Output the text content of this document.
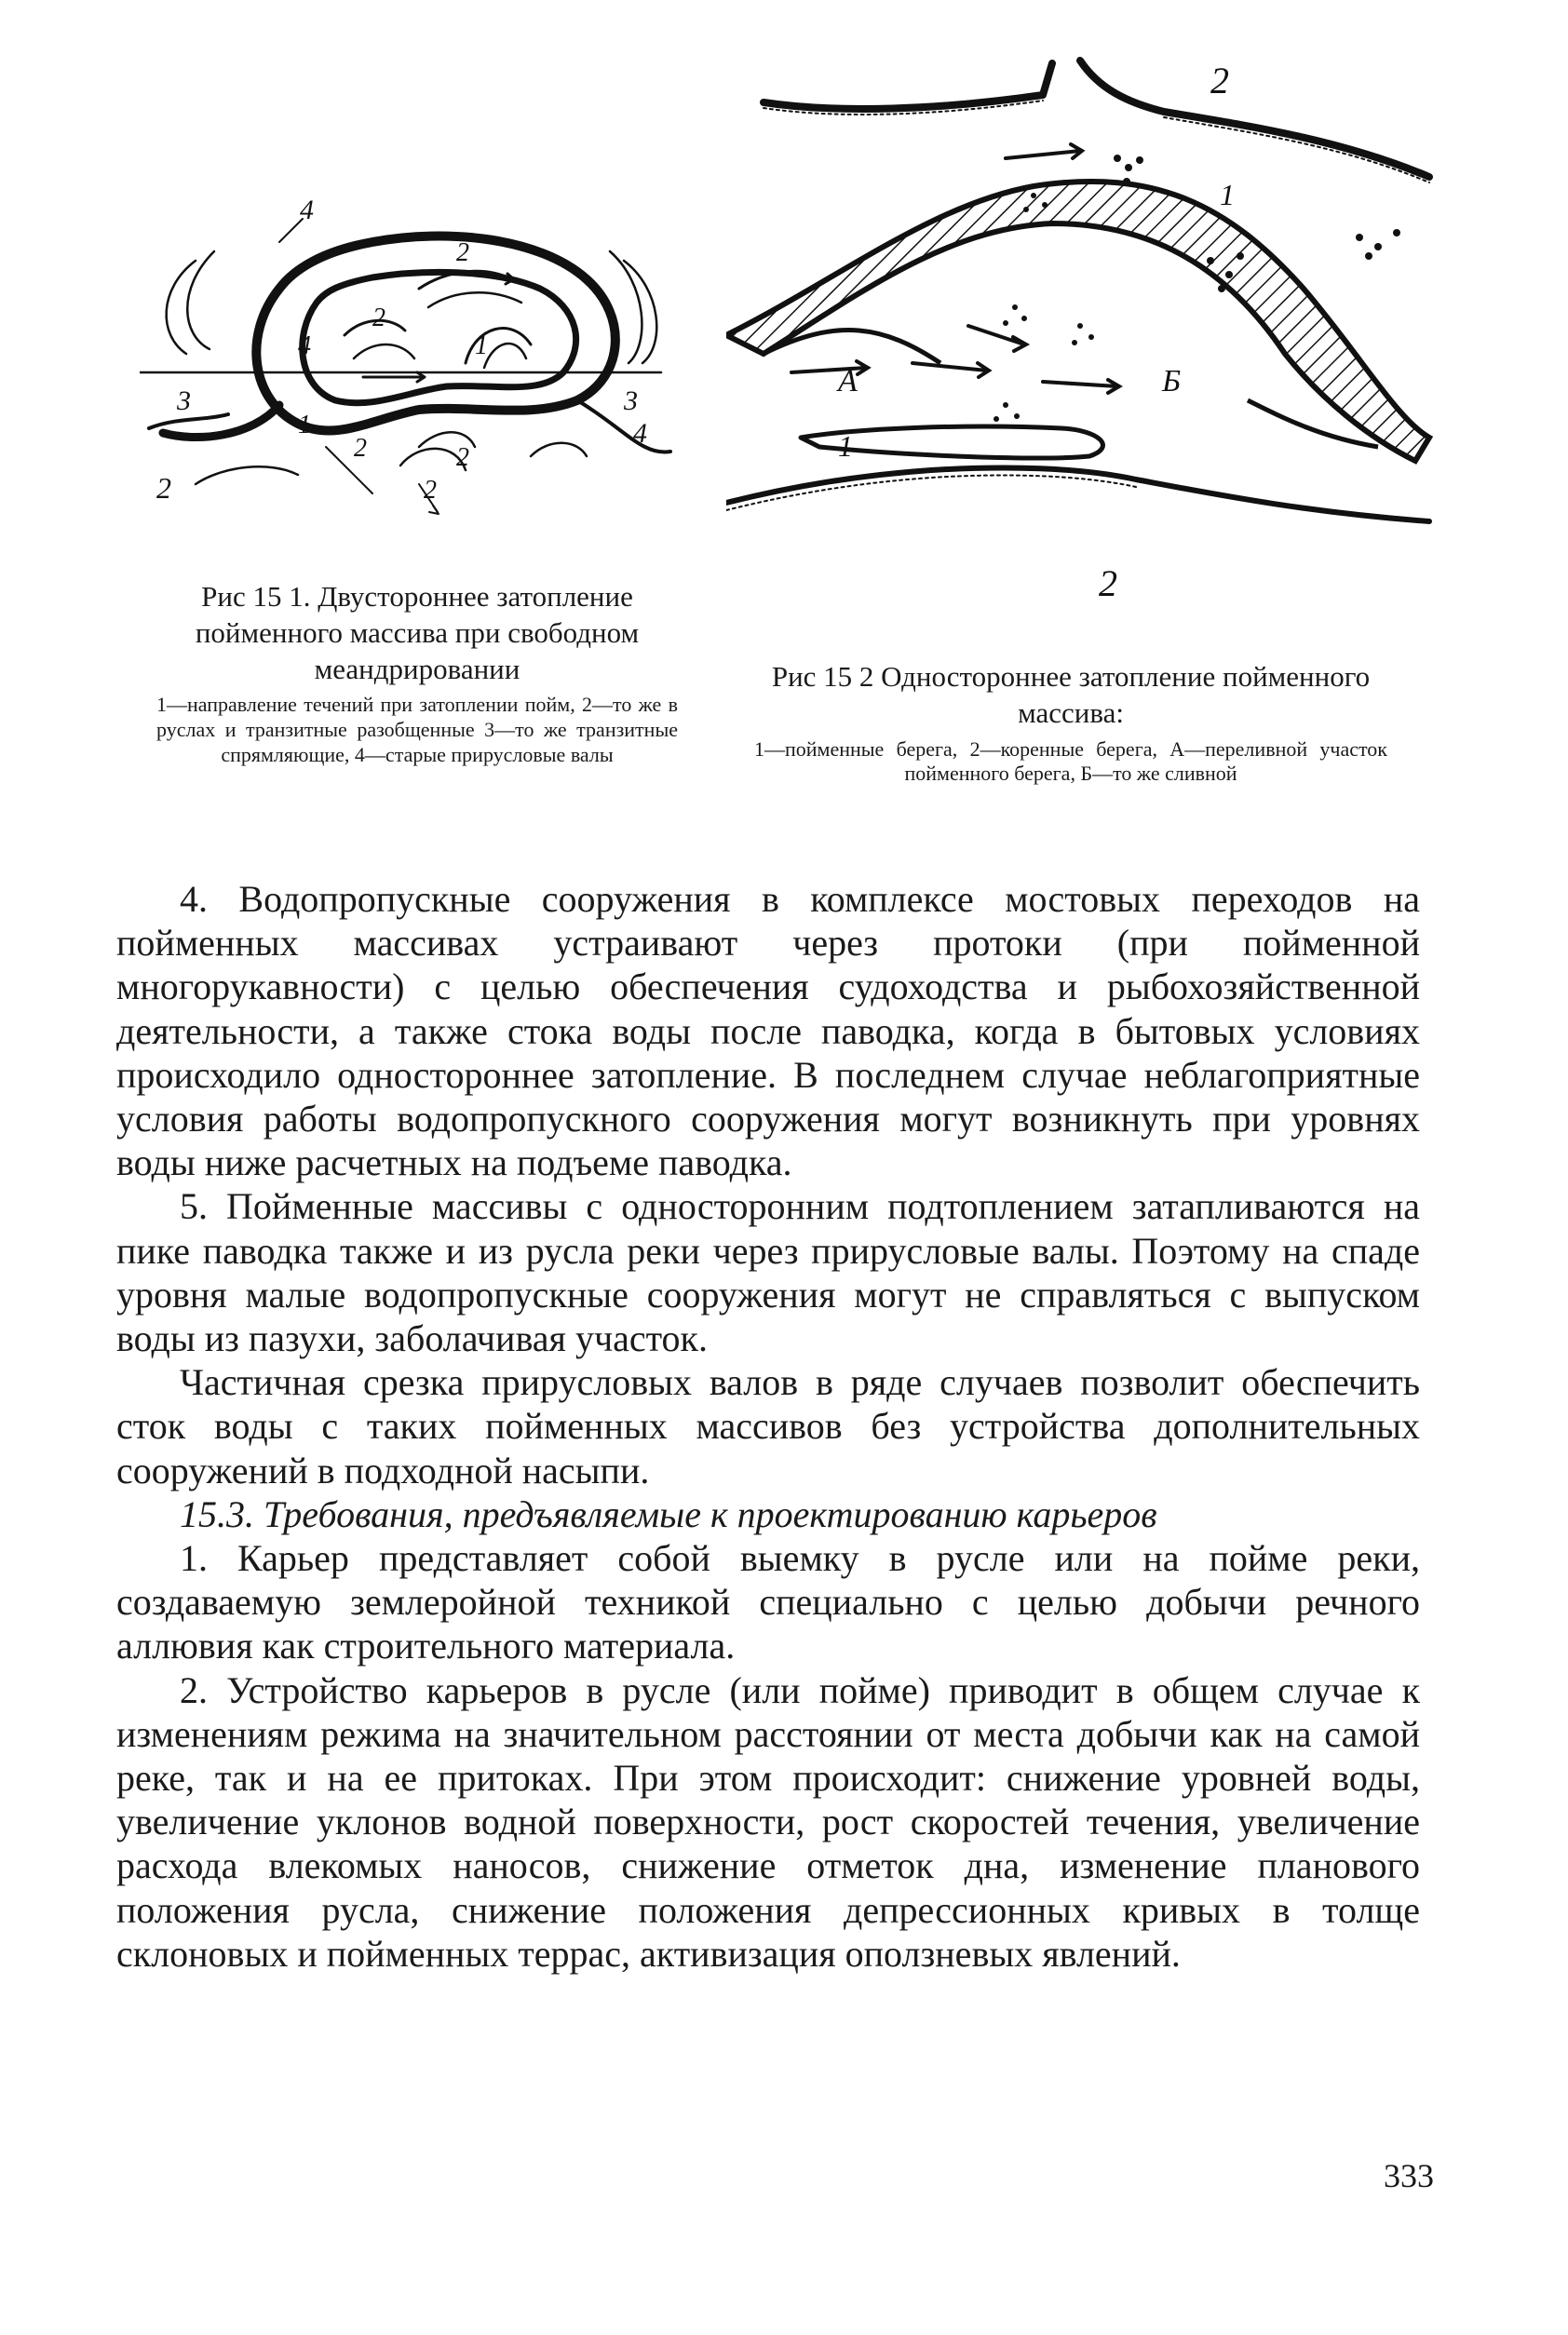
4
2
3	3
4
2
1
4
2
1
2
2
2
2
1
А	Б
1
2

Рис 15 1. Двустороннее затопление пойменного массива при свободном меандрировании

1—направление течений при затоплении пойм, 2—то же в руслах и транзитные разобщенные 3—то же транзитные спрямляющие, 4—старые прирусловые валы

Рис 15 2 Одностороннее затопление пойменного массива:

1—пойменные берега, 2—коренные берега, А—переливной участок пойменного берега, Б—то же сливной

4. Водопропускные сооружения в комплексе мостовых переходов на пойменных массивах устраивают через протоки (при пойменной многорукавности) с целью обеспечения судоходства и рыбохозяйственной деятельности, а также стока воды после паводка, когда в бытовых условиях происходило одностороннее затопление. В последнем случае неблагоприятные условия работы водопропускного сооружения могут возникнуть при уровнях воды ниже расчетных на подъеме паводка.

5. Пойменные массивы с односторонним подтоплением затапливаются на пике паводка также и из русла реки через прирусловые валы. Поэтому на спаде уровня малые водопропускные сооружения могут не справляться с выпуском воды из пазухи, заболачивая участок.

Частичная срезка прирусловых валов в ряде случаев позволит обеспечить сток воды с таких пойменных массивов без устройства дополнительных сооружений в подходной насыпи.

15.3. Требования, предъявляемые к проектированию карьеров

1. Карьер представляет собой выемку в русле или на пойме реки, создаваемую землеройной техникой специально с целью добычи речного аллювия как строительного материала.

2. Устройство карьеров в русле (или пойме) приводит в общем случае к изменениям режима на значительном расстоянии от места добычи как на самой реке, так и на ее притоках. При этом происходит: снижение уровней воды, увеличение уклонов водной поверхности, рост скоростей течения, увеличение расхода влекомых наносов, снижение отметок дна, изменение планового положения русла, снижение положения депрессионных кривых в толще склоновых и пойменных террас, активизация оползневых явлений.

333
